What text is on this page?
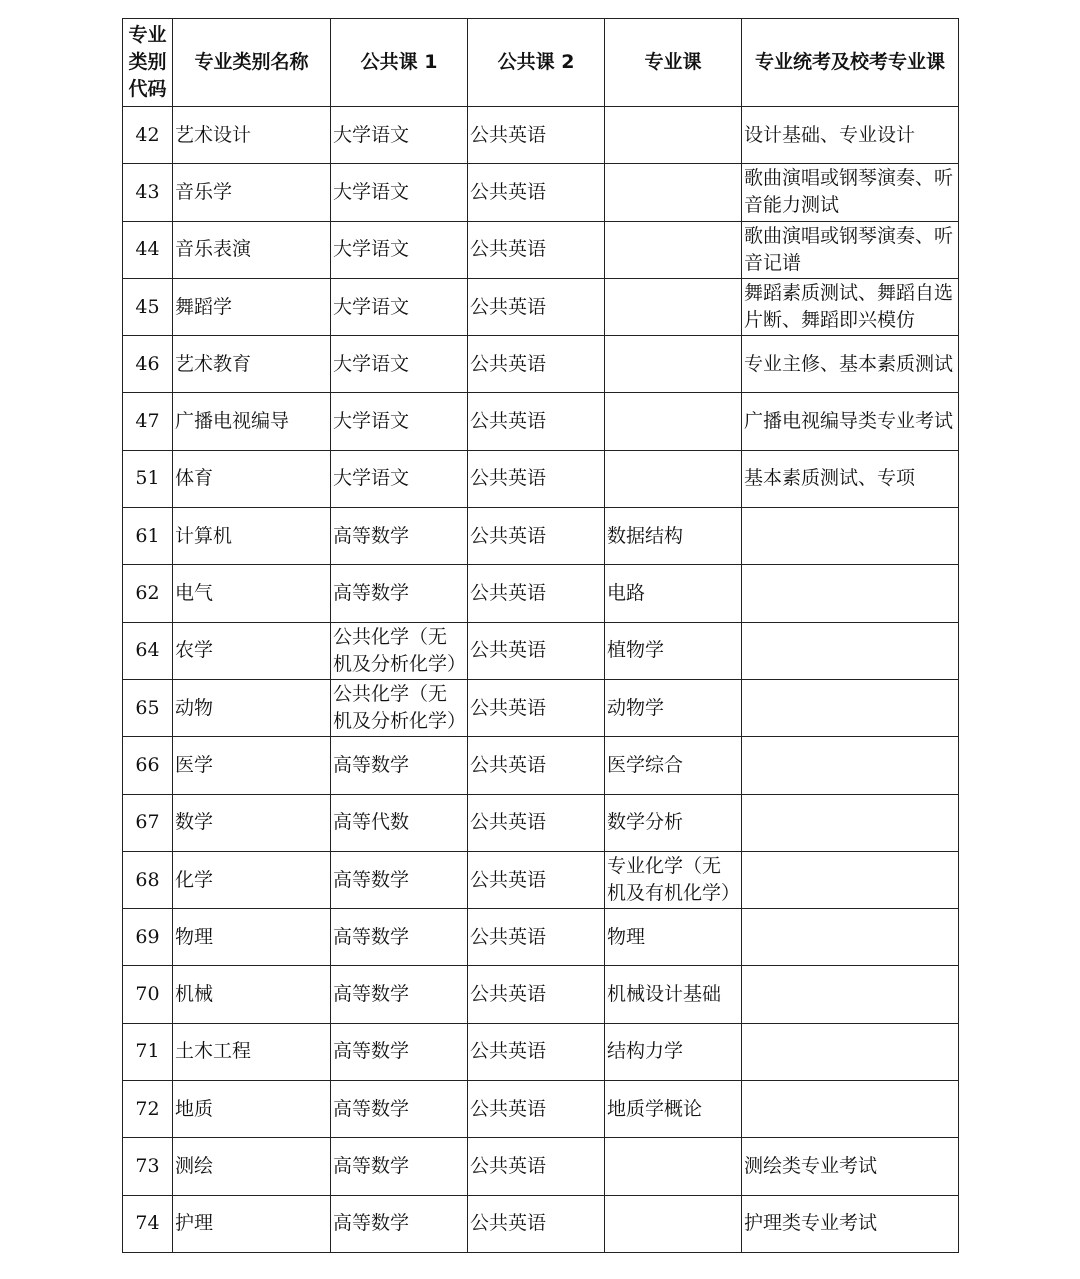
专业类别代码	专业类别名称	公共课 1	公共课 2	专业课	专业统考及校考专业课
42	艺术设计	大学语文	公共英语		设计基础、专业设计
43	音乐学	大学语文	公共英语		歌曲演唱或钢琴演奏、听音能力测试
44	音乐表演	大学语文	公共英语		歌曲演唱或钢琴演奏、听音记谱
45	舞蹈学	大学语文	公共英语		舞蹈素质测试、舞蹈自选片断、舞蹈即兴模仿
46	艺术教育	大学语文	公共英语		专业主修、基本素质测试
47	广播电视编导	大学语文	公共英语		广播电视编导类专业考试
51	体育	大学语文	公共英语		基本素质测试、专项
61	计算机	高等数学	公共英语	数据结构	
62	电气	高等数学	公共英语	电路	
64	农学	公共化学（无机及分析化学）	公共英语	植物学	
65	动物	公共化学（无机及分析化学）	公共英语	动物学	
66	医学	高等数学	公共英语	医学综合	
67	数学	高等代数	公共英语	数学分析	
68	化学	高等数学	公共英语	专业化学（无机及有机化学）	
69	物理	高等数学	公共英语	物理	
70	机械	高等数学	公共英语	机械设计基础	
71	土木工程	高等数学	公共英语	结构力学	
72	地质	高等数学	公共英语	地质学概论	
73	测绘	高等数学	公共英语		测绘类专业考试
74	护理	高等数学	公共英语		护理类专业考试
